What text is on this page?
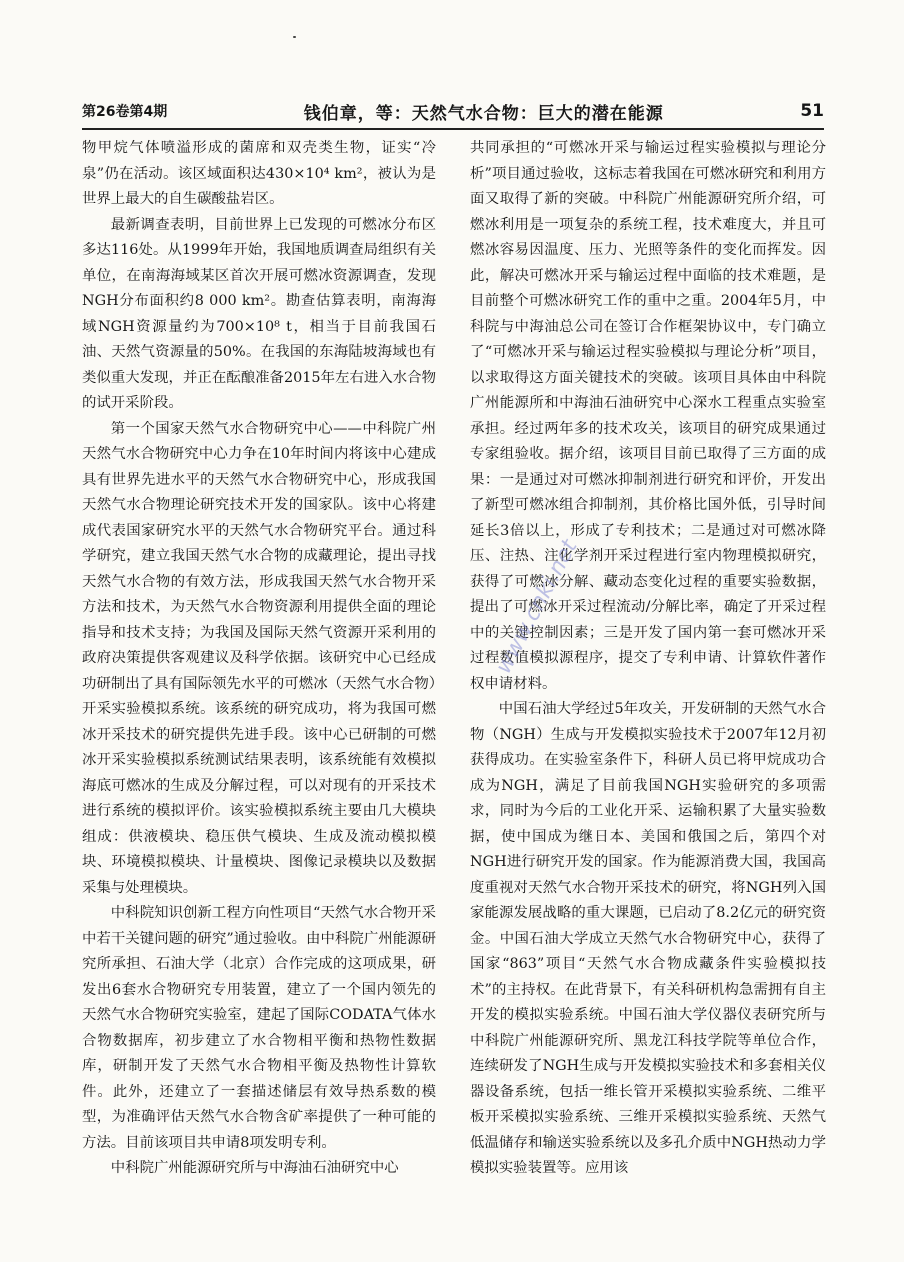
第26卷第4期	钱伯章，等：天然气水合物：巨大的潜在能源	51

物甲烷气体喷溢形成的菌席和双壳类生物，证实“冷泉”仍在活动。该区域面积达430×10⁴ km²，被认为是世界上最大的自生碳酸盐岩区。

最新调查表明，目前世界上已发现的可燃冰分布区多达116处。从1999年开始，我国地质调查局组织有关单位，在南海海域某区首次开展可燃冰资源调查，发现NGH分布面积约8 000 km²。勘查估算表明，南海海域NGH资源量约为700×10⁸ t，相当于目前我国石油、天然气资源量的50%。在我国的东海陆坡海域也有类似重大发现，并正在酝酿准备2015年左右进入水合物的试开采阶段。

第一个国家天然气水合物研究中心——中科院广州天然气水合物研究中心力争在10年时间内将该中心建成具有世界先进水平的天然气水合物研究中心，形成我国天然气水合物理论研究技术开发的国家队。该中心将建成代表国家研究水平的天然气水合物研究平台。通过科学研究，建立我国天然气水合物的成藏理论，提出寻找天然气水合物的有效方法，形成我国天然气水合物开采方法和技术，为天然气水合物资源利用提供全面的理论指导和技术支持；为我国及国际天然气资源开采利用的政府决策提供客观建议及科学依据。该研究中心已经成功研制出了具有国际领先水平的可燃冰（天然气水合物）开采实验模拟系统。该系统的研究成功，将为我国可燃冰开采技术的研究提供先进手段。该中心已研制的可燃冰开采实验模拟系统测试结果表明，该系统能有效模拟海底可燃冰的生成及分解过程，可以对现有的开采技术进行系统的模拟评价。该实验模拟系统主要由几大模块组成：供液模块、稳压供气模块、生成及流动模拟模块、环境模拟模块、计量模块、图像记录模块以及数据采集与处理模块。

中科院知识创新工程方向性项目“天然气水合物开采中若干关键问题的研究”通过验收。由中科院广州能源研究所承担、石油大学（北京）合作完成的这项成果，研发出6套水合物研究专用装置，建立了一个国内领先的天然气水合物研究实验室，建起了国际CODATA气体水合物数据库，初步建立了水合物相平衡和热物性数据库，研制开发了天然气水合物相平衡及热物性计算软件。此外，还建立了一套描述储层有效导热系数的模型，为准确评估天然气水合物含矿率提供了一种可能的方法。目前该项目共申请8项发明专利。

中科院广州能源研究所与中海油石油研究中心

共同承担的“可燃冰开采与输运过程实验模拟与理论分析”项目通过验收，这标志着我国在可燃冰研究和利用方面又取得了新的突破。中科院广州能源研究所介绍，可燃冰利用是一项复杂的系统工程，技术难度大，并且可燃冰容易因温度、压力、光照等条件的变化而挥发。因此，解决可燃冰开采与输运过程中面临的技术难题，是目前整个可燃冰研究工作的重中之重。2004年5月，中科院与中海油总公司在签订合作框架协议中，专门确立了“可燃冰开采与输运过程实验模拟与理论分析”项目，以求取得这方面关键技术的突破。该项目具体由中科院广州能源所和中海油石油研究中心深水工程重点实验室承担。经过两年多的技术攻关，该项目的研究成果通过专家组验收。据介绍，该项目目前已取得了三方面的成果：一是通过对可燃冰抑制剂进行研究和评价，开发出了新型可燃冰组合抑制剂，其价格比国外低，引导时间延长3倍以上，形成了专利技术；二是通过对可燃冰降压、注热、注化学剂开采过程进行室内物理模拟研究，获得了可燃冰分解、藏动态变化过程的重要实验数据，提出了可燃冰开采过程流动/分解比率，确定了开采过程中的关键控制因素；三是开发了国内第一套可燃冰开采过程数值模拟源程序，提交了专利申请、计算软件著作权申请材料。

中国石油大学经过5年攻关，开发研制的天然气水合物（NGH）生成与开发模拟实验技术于2007年12月初获得成功。在实验室条件下，科研人员已将甲烷成功合成为NGH，满足了目前我国NGH实验研究的多项需求，同时为今后的工业化开采、运输积累了大量实验数据，使中国成为继日本、美国和俄国之后，第四个对NGH进行研究开发的国家。作为能源消费大国，我国高度重视对天然气水合物开采技术的研究，将NGH列入国家能源发展战略的重大课题，已启动了8.2亿元的研究资金。中国石油大学成立天然气水合物研究中心，获得了国家“863”项目“天然气水合物成藏条件实验模拟技术”的主持权。在此背景下，有关科研机构急需拥有自主开发的模拟实验系统。中国石油大学仪器仪表研究所与中科院广州能源研究所、黑龙江科技学院等单位合作，连续研发了NGH生成与开发模拟实验技术和多套相关仪器设备系统，包括一维长管开采模拟实验系统、二维平板开采模拟实验系统、三维开采模拟实验系统、天然气低温储存和输送实验系统以及多孔介质中NGH热动力学模拟实验装置等。应用该

www.cnki.net
